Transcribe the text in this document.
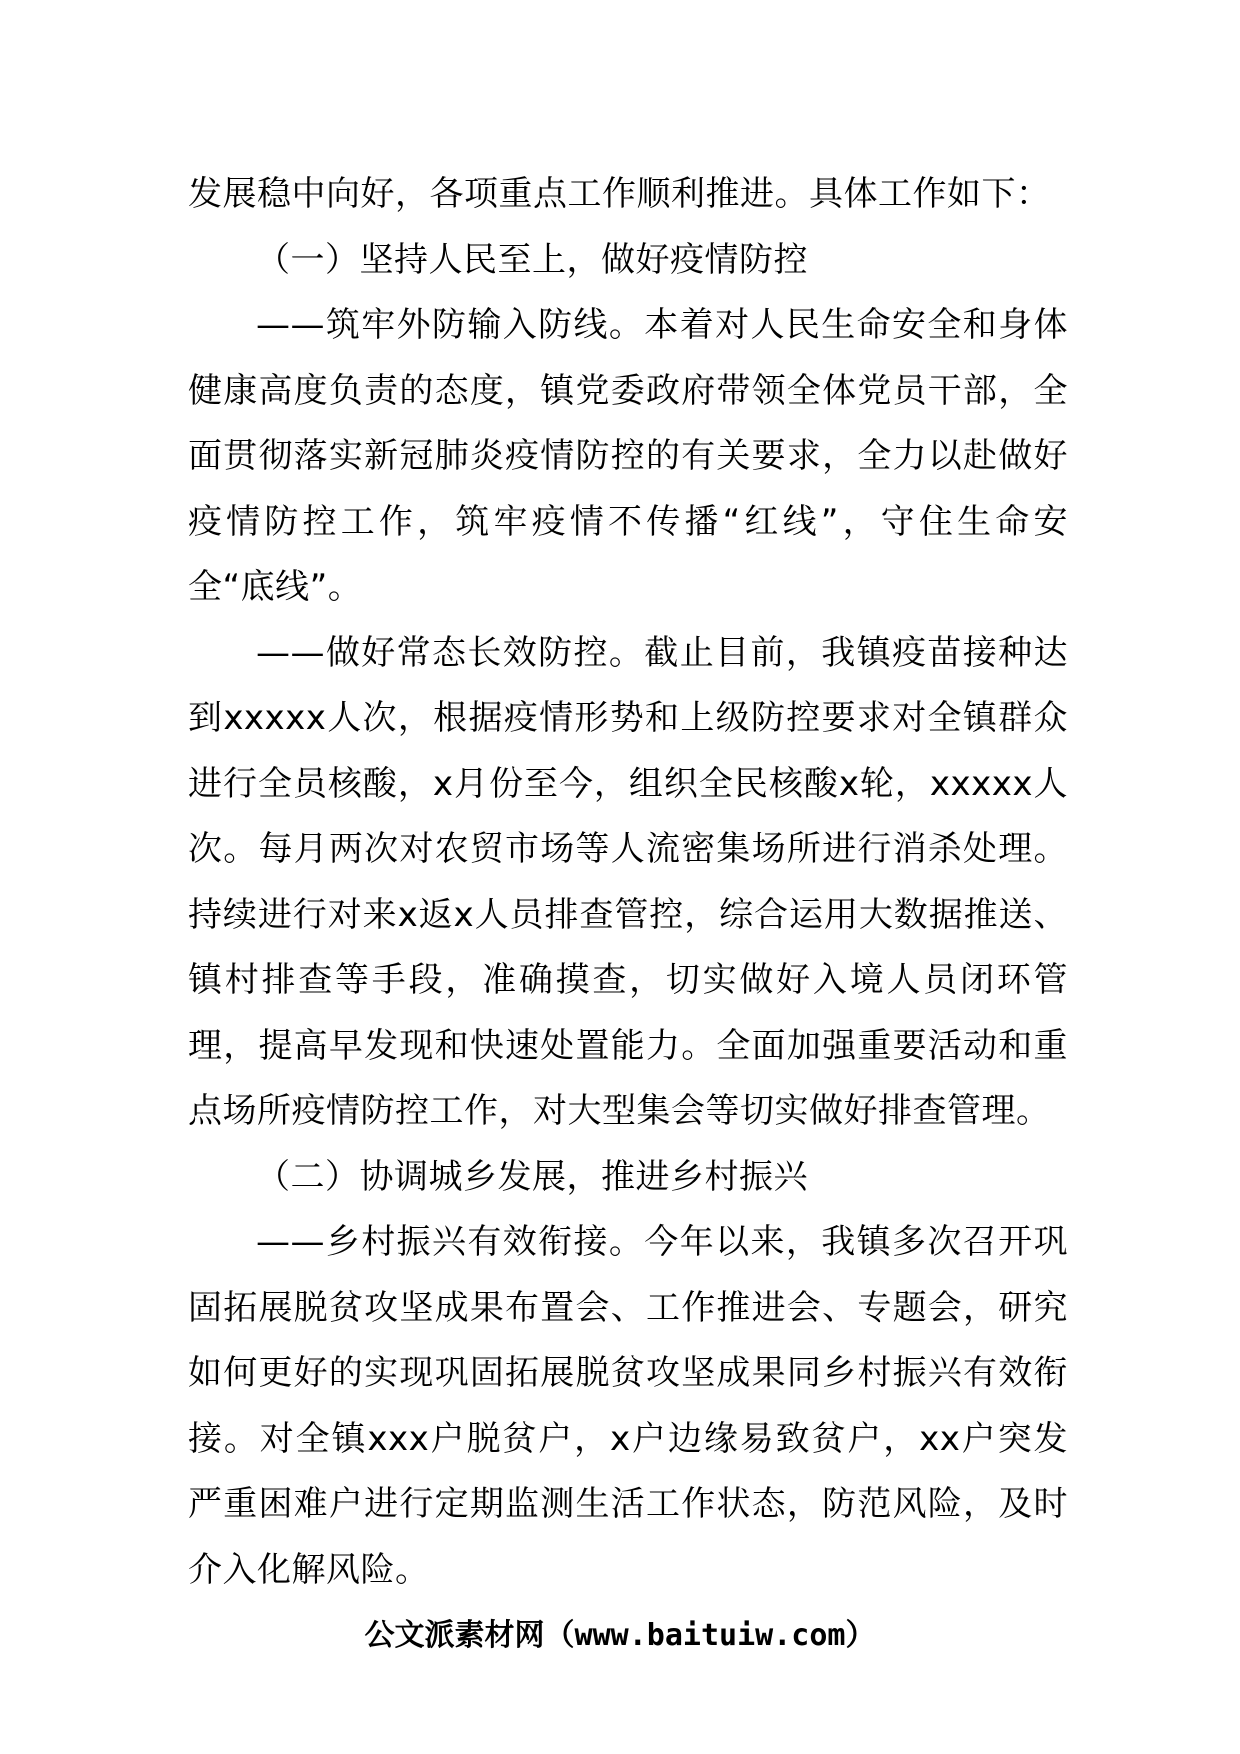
发展稳中向好，各项重点工作顺利推进。具体工作如下：

（一）坚持人民至上，做好疫情防控

——筑牢外防输入防线。本着对人民生命安全和身体健康高度负责的态度，镇党委政府带领全体党员干部，全面贯彻落实新冠肺炎疫情防控的有关要求，全力以赴做好疫情防控工作，筑牢疫情不传播“红线”，守住生命安全“底线”。

——做好常态长效防控。截止目前，我镇疫苗接种达到xxxxx人次，根据疫情形势和上级防控要求对全镇群众进行全员核酸，x月份至今，组织全民核酸x轮，xxxxx人次。每月两次对农贸市场等人流密集场所进行消杀处理。持续进行对来x返x人员排查管控，综合运用大数据推送、镇村排查等手段，准确摸查，切实做好入境人员闭环管理，提高早发现和快速处置能力。全面加强重要活动和重点场所疫情防控工作，对大型集会等切实做好排查管理。

（二）协调城乡发展，推进乡村振兴

——乡村振兴有效衔接。今年以来，我镇多次召开巩固拓展脱贫攻坚成果布置会、工作推进会、专题会，研究如何更好的实现巩固拓展脱贫攻坚成果同乡村振兴有效衔接。对全镇xxx户脱贫户，x户边缘易致贫户，xx户突发严重困难户进行定期监测生活工作状态，防范风险，及时介入化解风险。

公文派素材网（www.baituiw.com）
